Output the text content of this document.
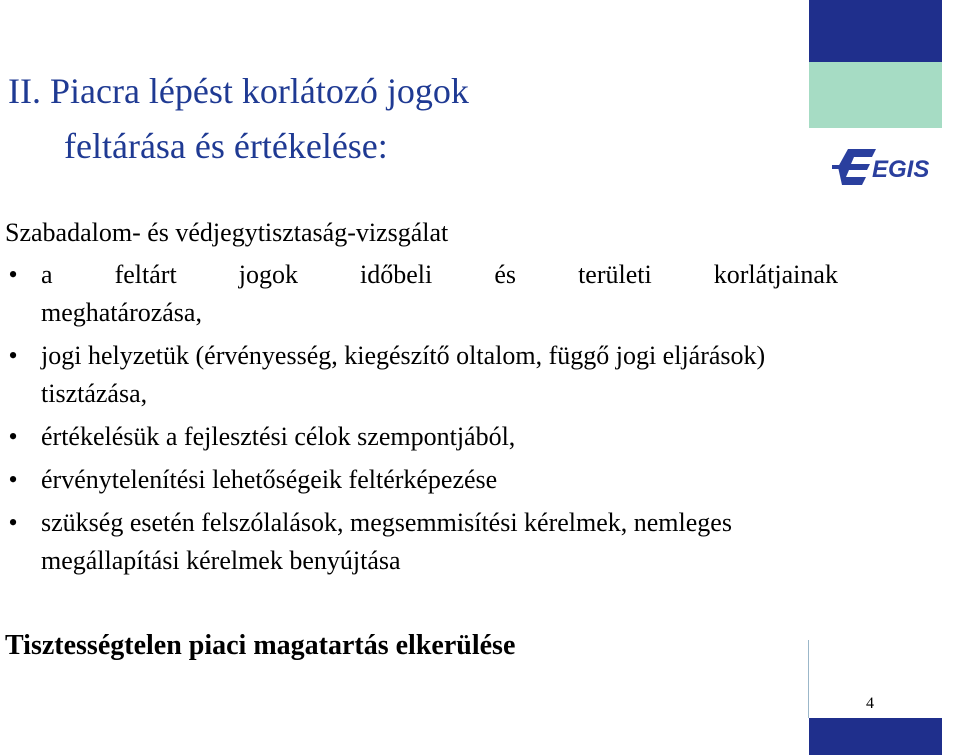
II. Piacra lépést korlátozó jogok
feltárása és értékelése:

Szabadalom- és védjegytisztaság-vizsgálat

• a feltárt jogok időbeli és területi korlátjainak
meghatározása,
• jogi helyzetük (érvényesség, kiegészítő oltalom, függő jogi eljárások) tisztázása,
• értékelésük a fejlesztési célok szempontjából,
• érvénytelenítési lehetőségeik feltérképezése
• szükség esetén felszólalások, megsemmisítési kérelmek, nemleges megállapítási kérelmek benyújtása

Tisztességtelen piaci magatartás elkerülése

EGIS
4
